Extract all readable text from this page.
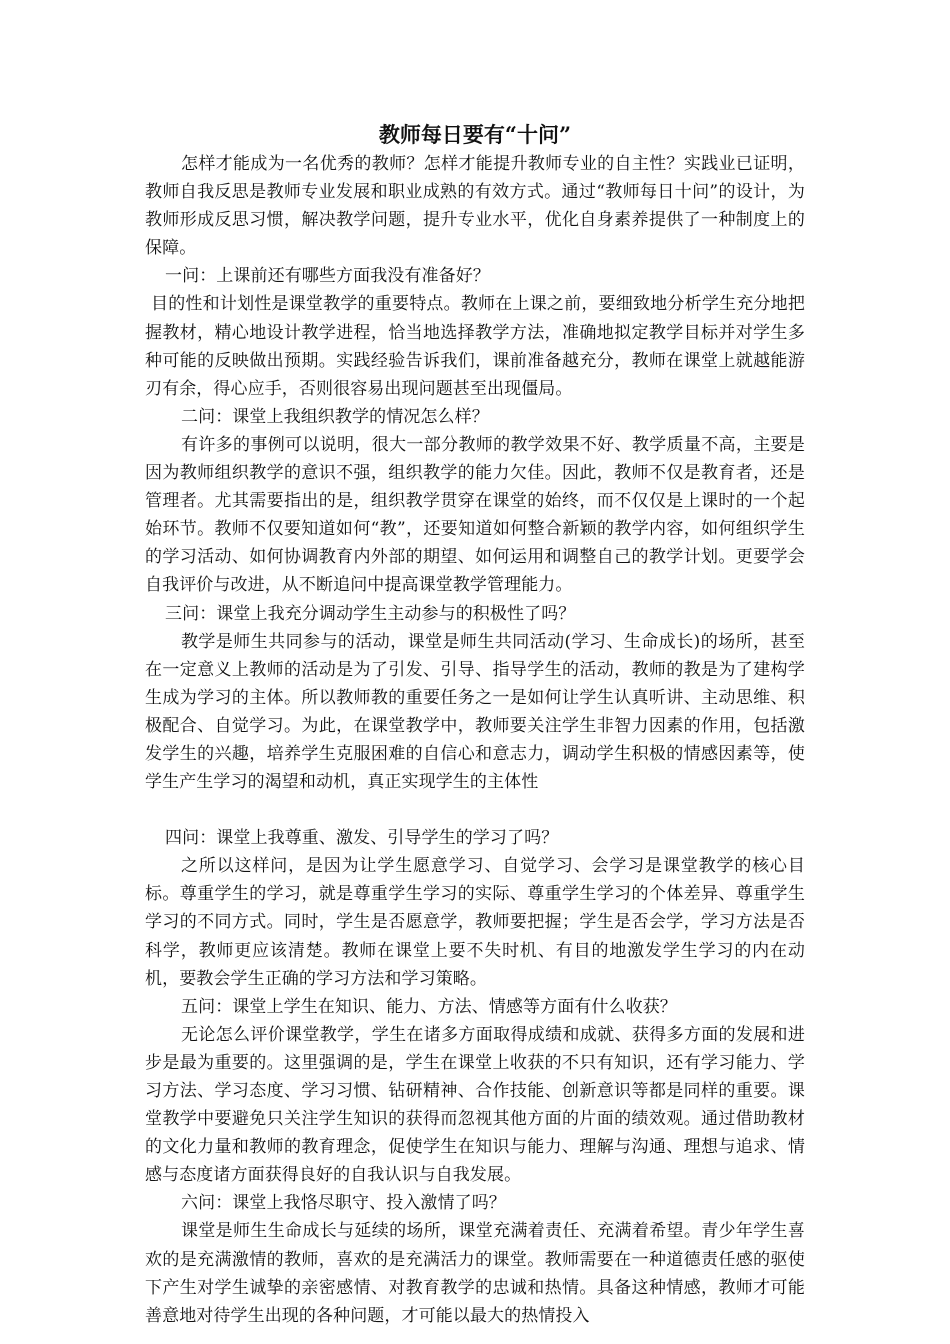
教师每日要有“十问”

怎样才能成为一名优秀的教师？怎样才能提升教师专业的自主性？实践业已证明，教师自我反思是教师专业发展和职业成熟的有效方式。通过“教师每日十问”的设计，为教师形成反思习惯，解决教学问题，提升专业水平，优化自身素养提供了一种制度上的保障。

一问：上课前还有哪些方面我没有准备好？

目的性和计划性是课堂教学的重要特点。教师在上课之前，要细致地分析学生充分地把握教材，精心地设计教学进程，恰当地选择教学方法，准确地拟定教学目标并对学生多种可能的反映做出预期。实践经验告诉我们，课前准备越充分，教师在课堂上就越能游刃有余，得心应手，否则很容易出现问题甚至出现僵局。

二问：课堂上我组织教学的情况怎么样？

有许多的事例可以说明，很大一部分教师的教学效果不好、教学质量不高，主要是因为教师组织教学的意识不强，组织教学的能力欠佳。因此，教师不仅是教育者，还是管理者。尤其需要指出的是，组织教学贯穿在课堂的始终，而不仅仅是上课时的一个起始环节。教师不仅要知道如何“教”，还要知道如何整合新颖的教学内容，如何组织学生的学习活动、如何协调教育内外部的期望、如何运用和调整自己的教学计划。更要学会自我评价与改进，从不断追问中提高课堂教学管理能力。

三问：课堂上我充分调动学生主动参与的积极性了吗？

教学是师生共同参与的活动，课堂是师生共同活动(学习、生命成长)的场所，甚至在一定意义上教师的活动是为了引发、引导、指导学生的活动，教师的教是为了建构学生成为学习的主体。所以教师教的重要任务之一是如何让学生认真听讲、主动思维、积极配合、自觉学习。为此，在课堂教学中，教师要关注学生非智力因素的作用，包括激发学生的兴趣，培养学生克服困难的自信心和意志力，调动学生积极的情感因素等，使学生产生学习的渴望和动机，真正实现学生的主体性

四问：课堂上我尊重、激发、引导学生的学习了吗？

之所以这样问，是因为让学生愿意学习、自觉学习、会学习是课堂教学的核心目标。尊重学生的学习，就是尊重学生学习的实际、尊重学生学习的个体差异、尊重学生学习的不同方式。同时，学生是否愿意学，教师要把握；学生是否会学，学习方法是否科学，教师更应该清楚。教师在课堂上要不失时机、有目的地激发学生学习的内在动机，要教会学生正确的学习方法和学习策略。

五问：课堂上学生在知识、能力、方法、情感等方面有什么收获？

无论怎么评价课堂教学，学生在诸多方面取得成绩和成就、获得多方面的发展和进步是最为重要的。这里强调的是，学生在课堂上收获的不只有知识，还有学习能力、学习方法、学习态度、学习习惯、钻研精神、合作技能、创新意识等都是同样的重要。课堂教学中要避免只关注学生知识的获得而忽视其他方面的片面的绩效观。通过借助教材的文化力量和教师的教育理念，促使学生在知识与能力、理解与沟通、理想与追求、情感与态度诸方面获得良好的自我认识与自我发展。

六问：课堂上我恪尽职守、投入激情了吗？

课堂是师生生命成长与延续的场所，课堂充满着责任、充满着希望。青少年学生喜欢的是充满激情的教师，喜欢的是充满活力的课堂。教师需要在一种道德责任感的驱使下产生对学生诚挚的亲密感情、对教育教学的忠诚和热情。具备这种情感，教师才可能善意地对待学生出现的各种问题，才可能以最大的热情投入
